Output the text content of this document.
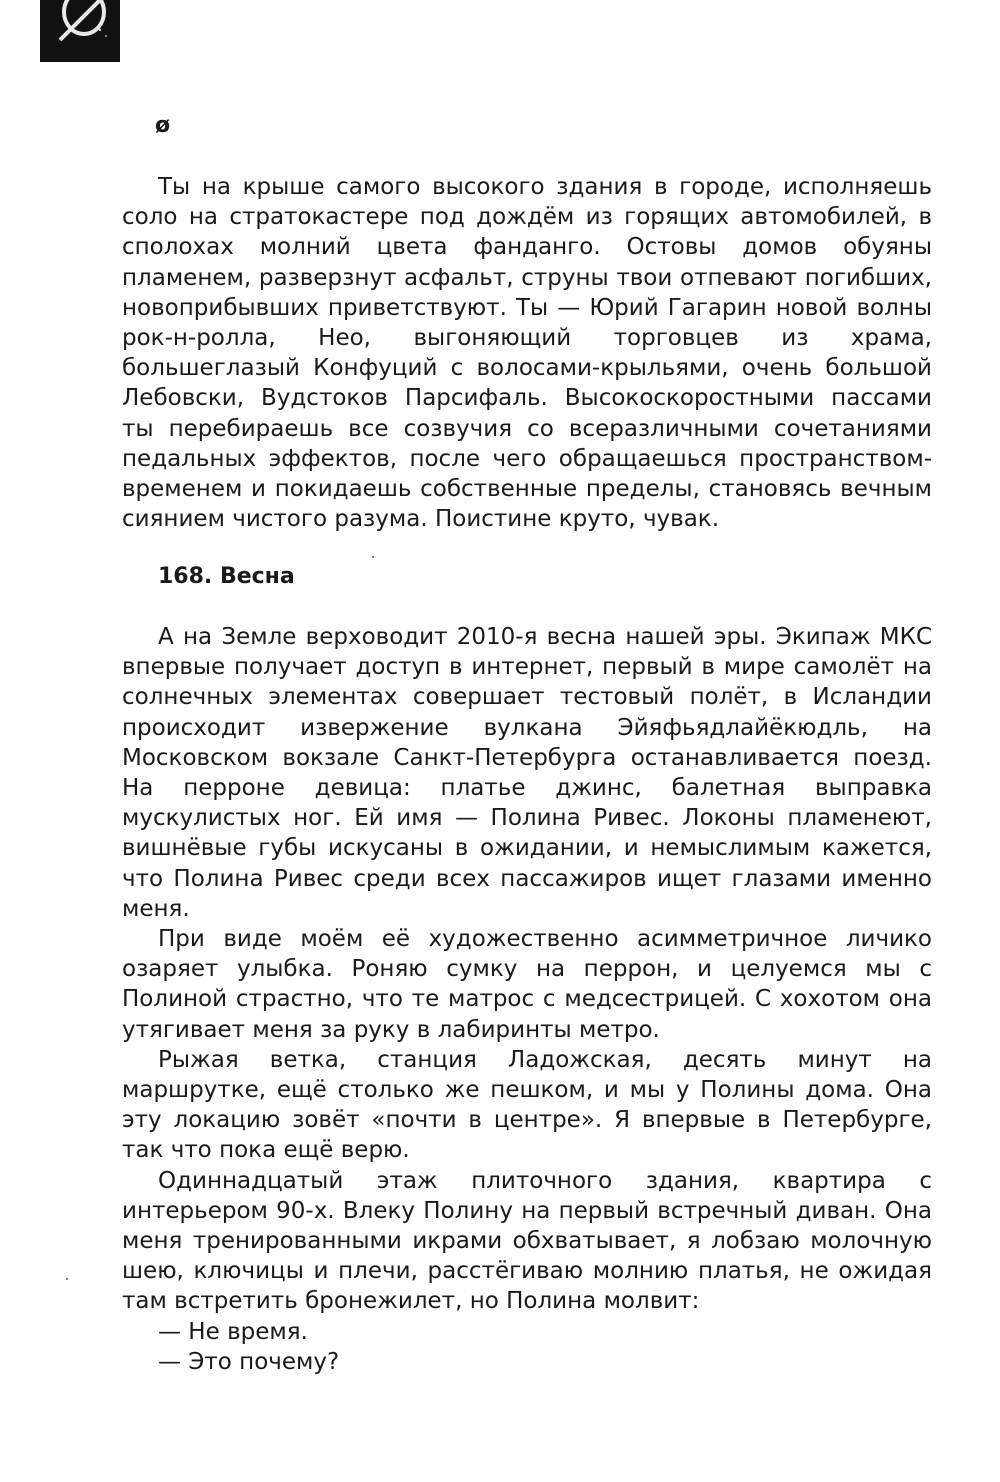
ø

Ты на крыше самого высокого здания в городе, исполняешь соло на стратокастере под дождём из горящих автомобилей, в сполохах молний цвета фанданго. Остовы домов обуяны пламенем, разверзнут асфальт, струны твои отпевают погибших, новоприбывших приветствуют. Ты — Юрий Гагарин новой волны рок-н-ролла, Нео, выгоняющий торговцев из храма, большеглазый Конфуций с волосами-крыльями, очень большой Лебовски, Вудстоков Парсифаль. Высокоскоростными пассами ты перебираешь все созвучия со всеразличными сочетаниями педальных эффектов, после чего обращаешься пространством-временем и покидаешь собственные пределы, становясь вечным сиянием чистого разума. Поистине круто, чувак.

168. Весна

А на Земле верховодит 2010-я весна нашей эры. Экипаж МКС впервые получает доступ в интернет, первый в мире самолёт на солнечных элементах совершает тестовый полёт, в Исландии происходит извержение вулкана Эйяфьядлайёкюдль, на Московском вокзале Санкт-Петербурга останавливается поезд. На перроне девица: платье джинс, балетная выправка мускулистых ног. Ей имя — Полина Ривес. Локоны пламенеют, вишнёвые губы искусаны в ожидании, и немыслимым кажется, что Полина Ривес среди всех пассажиров ищет глазами именно меня.

При виде моём её художественно асимметричное личико озаряет улыбка. Роняю сумку на перрон, и целуемся мы с Полиной страстно, что те матрос с медсестрицей. С хохотом она утягивает меня за руку в лабиринты метро.

Рыжая ветка, станция Ладожская, десять минут на маршрутке, ещё столько же пешком, и мы у Полины дома. Она эту локацию зовёт «почти в центре». Я впервые в Петербурге, так что пока ещё верю.

Одиннадцатый этаж плиточного здания, квартира с интерьером 90-х. Влеку Полину на первый встречный диван. Она меня тренированными икрами обхватывает, я лобзаю молочную шею, ключицы и плечи, расстёгиваю молнию платья, не ожидая там встретить бронежилет, но Полина молвит:

— Не время.

— Это почему?
